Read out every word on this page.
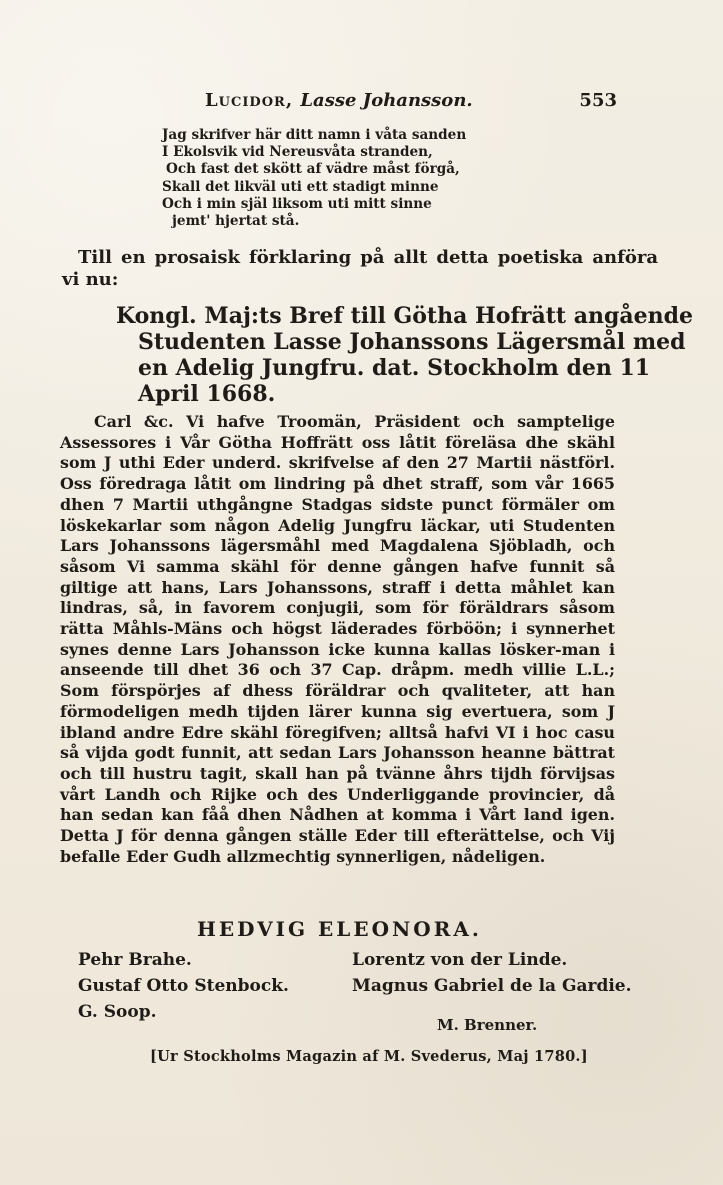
Lucidor, Lasse Johansson.	553
Jag skrifver här ditt namn i våta sanden
I Ekolsvik vid Nereusvåta stranden,
Och fast det skött af vädre måst förgå,
Skall det likväl uti ett stadigt minne
Och i min själ liksom uti mitt sinne
jemt' hjertat stå.
Till en prosaisk förklaring på allt detta poetiska anföra vi nu:
Kongl. Maj:ts Bref till Götha Hofrätt angående
Studenten Lasse Johanssons Lägersmål med
en Adelig Jungfru. dat. Stockholm den 11
April 1668.

Carl &c. Vi hafve Troomän, Präsident och samptelige Assessores i Vår Götha Hoffrätt oss låtit föreläsa dhe skähl som J uthi Eder underd. skrifvelse af den 27 Martii nästförl. Oss föredraga låtit om lindring på dhet straff, som vår 1665 dhen 7 Martii uthgångne Stadgas sidste punct förmäler om löskekarlar som någon Adelig Jungfru läckar, uti Studenten Lars Johanssons lägersmåhl med Magdalena Sjöbladh, och såsom Vi samma skähl för denne gången hafve funnit så giltige att hans, Lars Johanssons, straff i detta måhlet kan lindras, så, in favorem conjugii, som för föräldrars såsom rätta Måhls-Mäns och högst läderades förböön; i synnerhet synes denne Lars Johansson icke kunna kallas lösker-man i anseende till dhet 36 och 37 Cap. dråpm. medh villie L.L.; Som förspörjes af dhess föräldrar och qvaliteter, att han förmodeligen medh tijden lärer kunna sig evertuera, som J ibland andre Edre skähl föregifven; alltså hafvi VI i hoc casu så vijda godt funnit, att sedan Lars Johansson heanne bättrat och till hustru tagit, skall han på tvänne åhrs tijdh förvijsas vårt Landh och Rijke och des Underliggande provincier, då han sedan kan fåå dhen Nådhen at komma i Vårt land igen. Detta J för denna gången ställe Eder till efterättelse, och Vij befalle Eder Gudh allzmechtig synnerligen, nådeligen.

HEDVIG ELEONORA.
Pehr Brahe.
Gustaf Otto Stenbock.
G. Soop.
Lorentz von der Linde.
Magnus Gabriel de la Gardie.
M. Brenner.
[Ur Stockholms Magazin af M. Svederus, Maj 1780.]
